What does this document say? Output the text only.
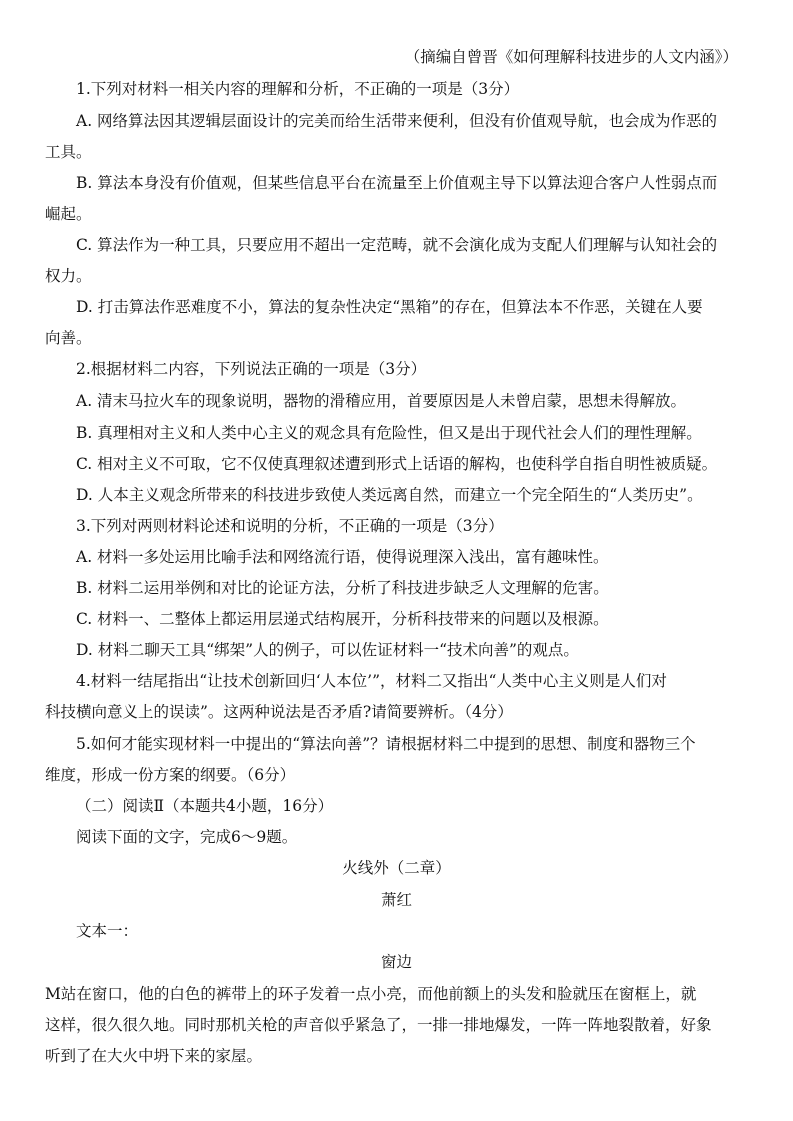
（摘编自曾晋《如何理解科技进步的人文内涵》）
1.下列对材料一相关内容的理解和分析，不正确的一项是（3分）
A. 网络算法因其逻辑层面设计的完美而给生活带来便利，但没有价值观导航，也会成为作恶的
工具。
B. 算法本身没有价值观，但某些信息平台在流量至上价值观主导下以算法迎合客户人性弱点而
崛起。
C. 算法作为一种工具，只要应用不超出一定范畴，就不会演化成为支配人们理解与认知社会的
权力。
D. 打击算法作恶难度不小，算法的复杂性决定“黑箱”的存在，但算法本不作恶，关键在人要
向善。
2.根据材料二内容，下列说法正确的一项是（3分）
A. 清末马拉火车的现象说明，器物的滑稽应用，首要原因是人未曾启蒙，思想未得解放。
B. 真理相对主义和人类中心主义的观念具有危险性，但又是出于现代社会人们的理性理解。
C. 相对主义不可取，它不仅使真理叙述遭到形式上话语的解构，也使科学自指自明性被质疑。
D. 人本主义观念所带来的科技进步致使人类远离自然，而建立一个完全陌生的“人类历史”。
3.下列对两则材料论述和说明的分析，不正确的一项是（3分）
A. 材料一多处运用比喻手法和网络流行语，使得说理深入浅出，富有趣味性。
B. 材料二运用举例和对比的论证方法，分析了科技进步缺乏人文理解的危害。
C. 材料一、二整体上都运用层递式结构展开，分析科技带来的问题以及根源。
D. 材料二聊天工具“绑架”人的例子，可以佐证材料一“技术向善”的观点。
4.材料一结尾指出“让技术创新回归‘人本位’”，材料二又指出“人类中心主义则是人们对
科技横向意义上的误读”。这两种说法是否矛盾?请简要辨析。（4分）
5.如何才能实现材料一中提出的“算法向善”？请根据材料二中提到的思想、制度和器物三个
维度，形成一份方案的纲要。（6分）
（二）阅读Ⅱ（本题共4小题，16分）
阅读下面的文字，完成6～9题。
火线外（二章）
萧红
文本一：
窗边
M站在窗口，他的白色的裤带上的环子发着一点小亮，而他前额上的头发和脸就压在窗框上，就
这样，很久很久地。同时那机关枪的声音似乎紧急了，一排一排地爆发，一阵一阵地裂散着，好象
听到了在大火中坍下来的家屋。
